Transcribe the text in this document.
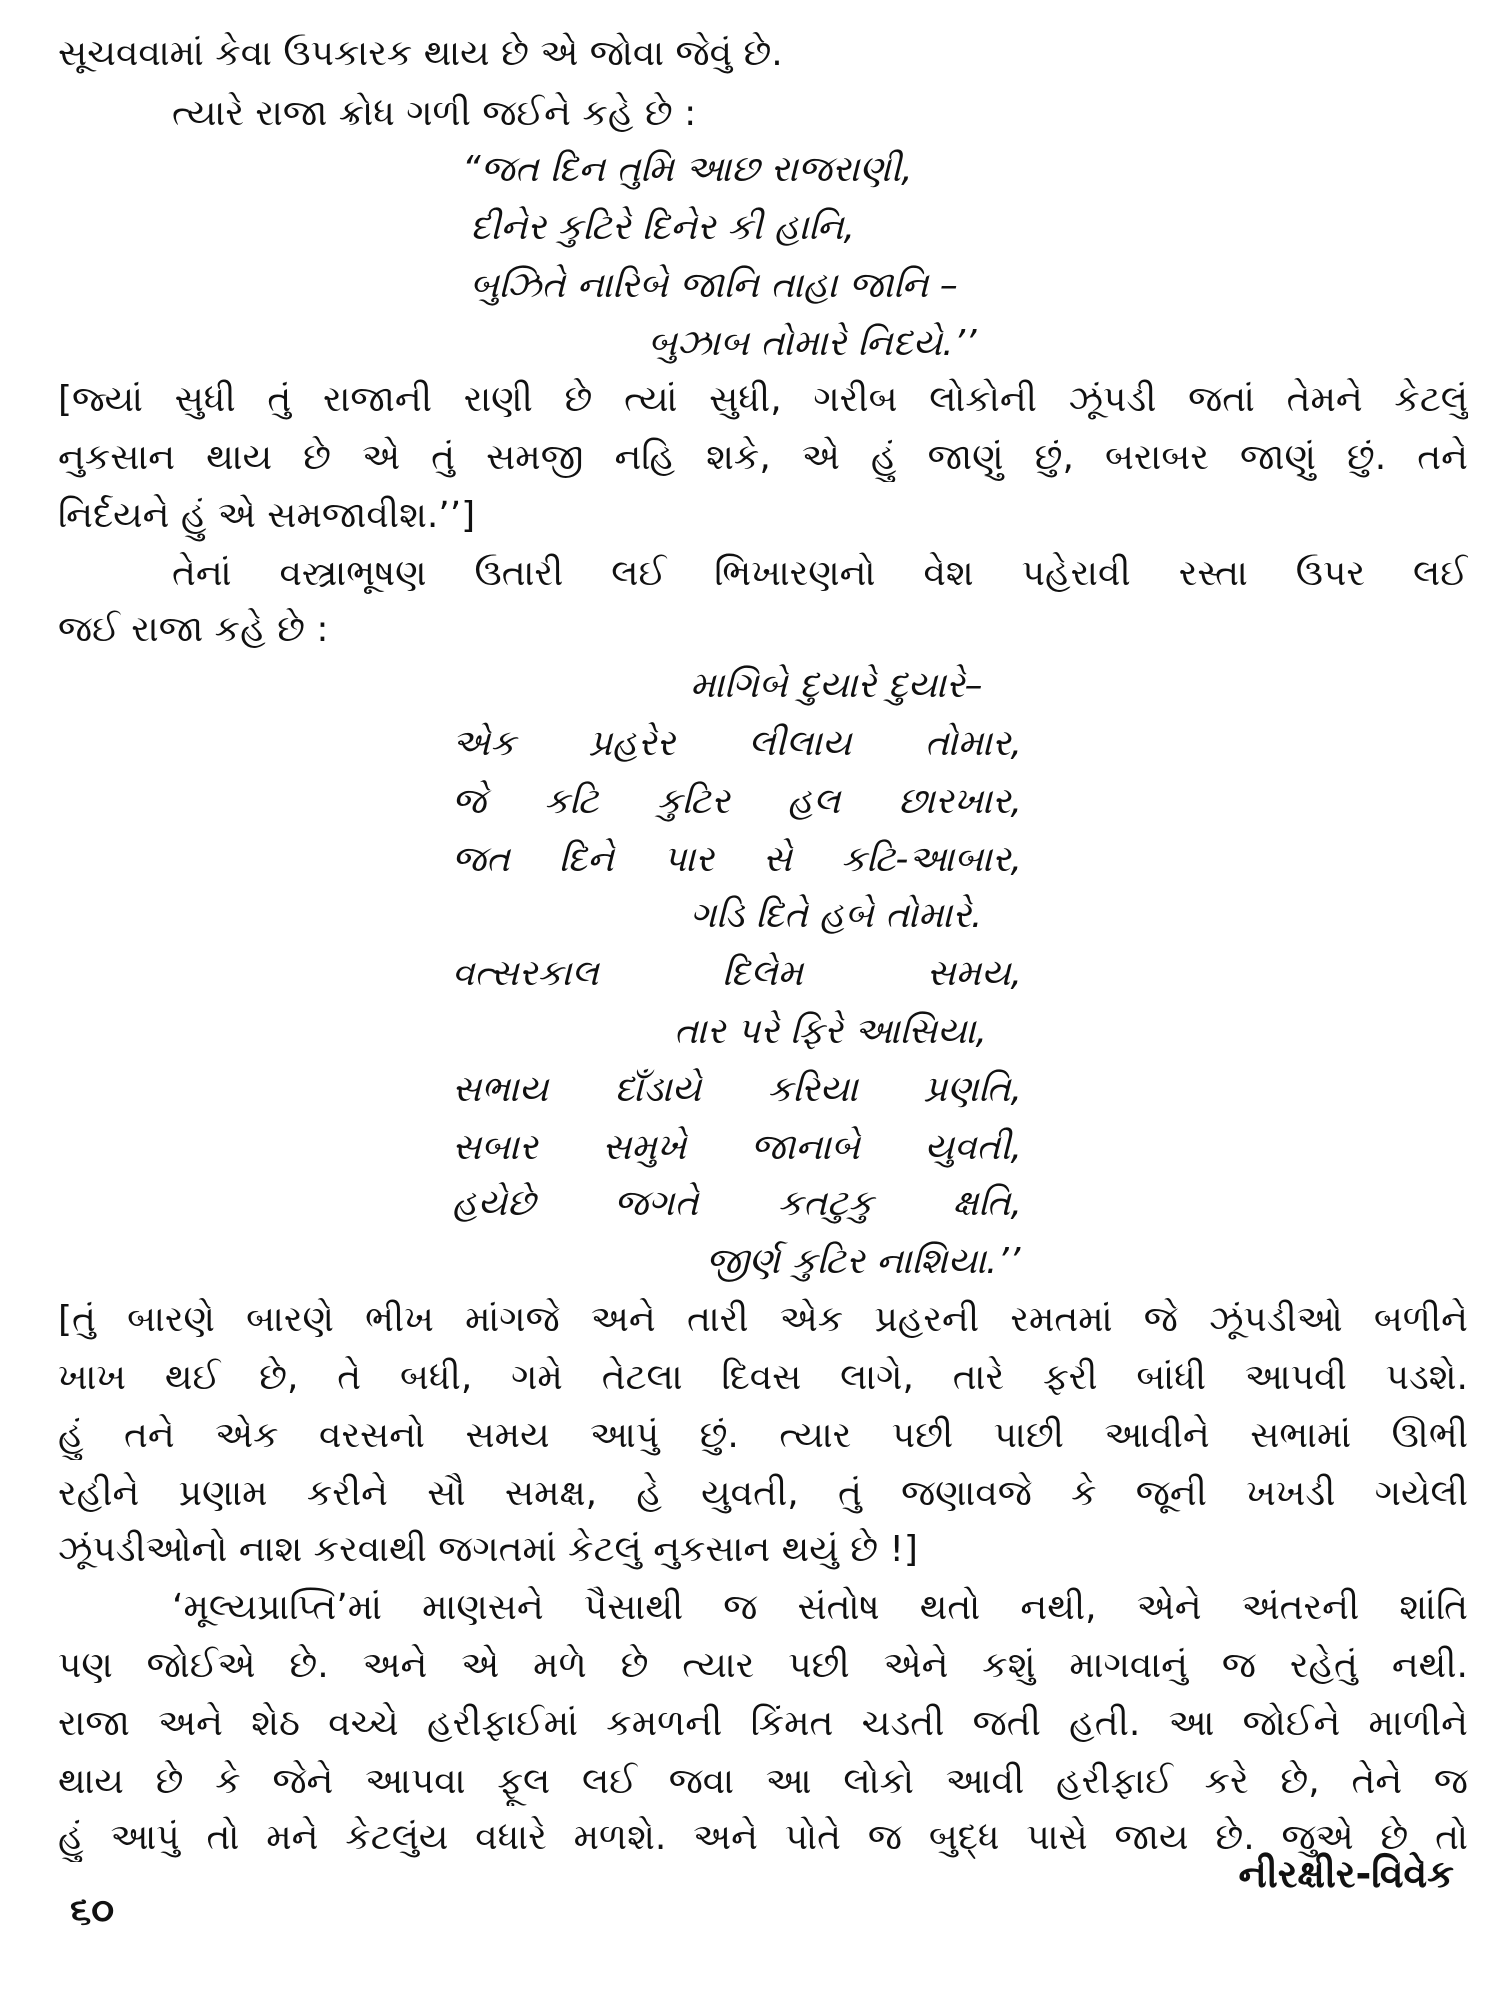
સૂચવવામાં કેવા ઉપકારક થાય છે એ જોવા જેવું છે.
ત્યારે રાજા ક્રોધ ગળી જઈને કહે છે :
“જત દિન તુમિ આછ રાજરાણી,
દીનેર કુટિરે દિનેર કી હાનિ,
બુઝિતે નારિબે જાનિ તાહા જાનિ –
બુઝાબ તોમારે નિદયે.’’
[જ્યાં સુધી તું રાજાની રાણી છે ત્યાં સુધી, ગરીબ લોકોની ઝૂંપડી જતાં તેમને કેટલું
નુકસાન થાય છે એ તું સમજી નહિ શકે, એ હું જાણું છું, બરાબર જાણું છું. તને
નિર્દયને હું એ સમજાવીશ.’’]
તેનાં વસ્ત્રાભૂષણ ઉતારી લઈ ભિખારણનો વેશ પહેરાવી રસ્તા ઉપર લઈ
જઈ રાજા કહે છે :
માગિબે દુયારે દુયારે–
એક પ્રહરેર લીલાય તોમાર,
જે કટિ કુટિર હલ છારખાર,
જત દિને પાર સે કટિ-આબાર,
ગડિ દિતે હબે તોમારે.
વત્સરકાલ દિલેમ સમય,
તાર પરે ફિરે આસિયા,
સભાય દાઁડાયે કરિયા પ્રણતિ,
સબાર સમુખે જાનાબે યુવતી,
હયેછે જગતે કતટુકુ ક્ષતિ,
જીર્ણ કુટિર નાશિયા.’’
[તું બારણે બારણે ભીખ માંગજે અને તારી એક પ્રહરની રમતમાં જે ઝૂંપડીઓ બળીને
ખાખ થઈ છે, તે બધી, ગમે તેટલા દિવસ લાગે, તારે ફરી બાંધી આપવી પડશે.
હું તને એક વરસનો સમય આપું છું. ત્યાર પછી પાછી આવીને સભામાં ઊભી
રહીને પ્રણામ કરીને સૌ સમક્ષ, હે યુવતી, તું જણાવજે કે જૂની ખખડી ગયેલી
ઝૂંપડીઓનો નાશ કરવાથી જગતમાં કેટલું નુકસાન થયું છે !]
‘મૂલ્યપ્રાપ્તિ’માં માણસને પૈસાથી જ સંતોષ થતો નથી, એને અંતરની શાંતિ
પણ જોઈએ છે. અને એ મળે છે ત્યાર પછી એને કશું માગવાનું જ રહેતું નથી.
રાજા અને શેઠ વચ્ચે હરીફાઈમાં કમળની કિંમત ચડતી જતી હતી. આ જોઈને માળીને
થાય છે કે જેને આપવા ફૂલ લઈ જવા આ લોકો આવી હરીફાઈ કરે છે, તેને જ
હું આપું તો મને કેટલુંય વધારે મળશે. અને પોતે જ બુદ્ધ પાસે જાય છે. જુએ છે તો
નીરક્ષીર-વિવેક
૬૦
